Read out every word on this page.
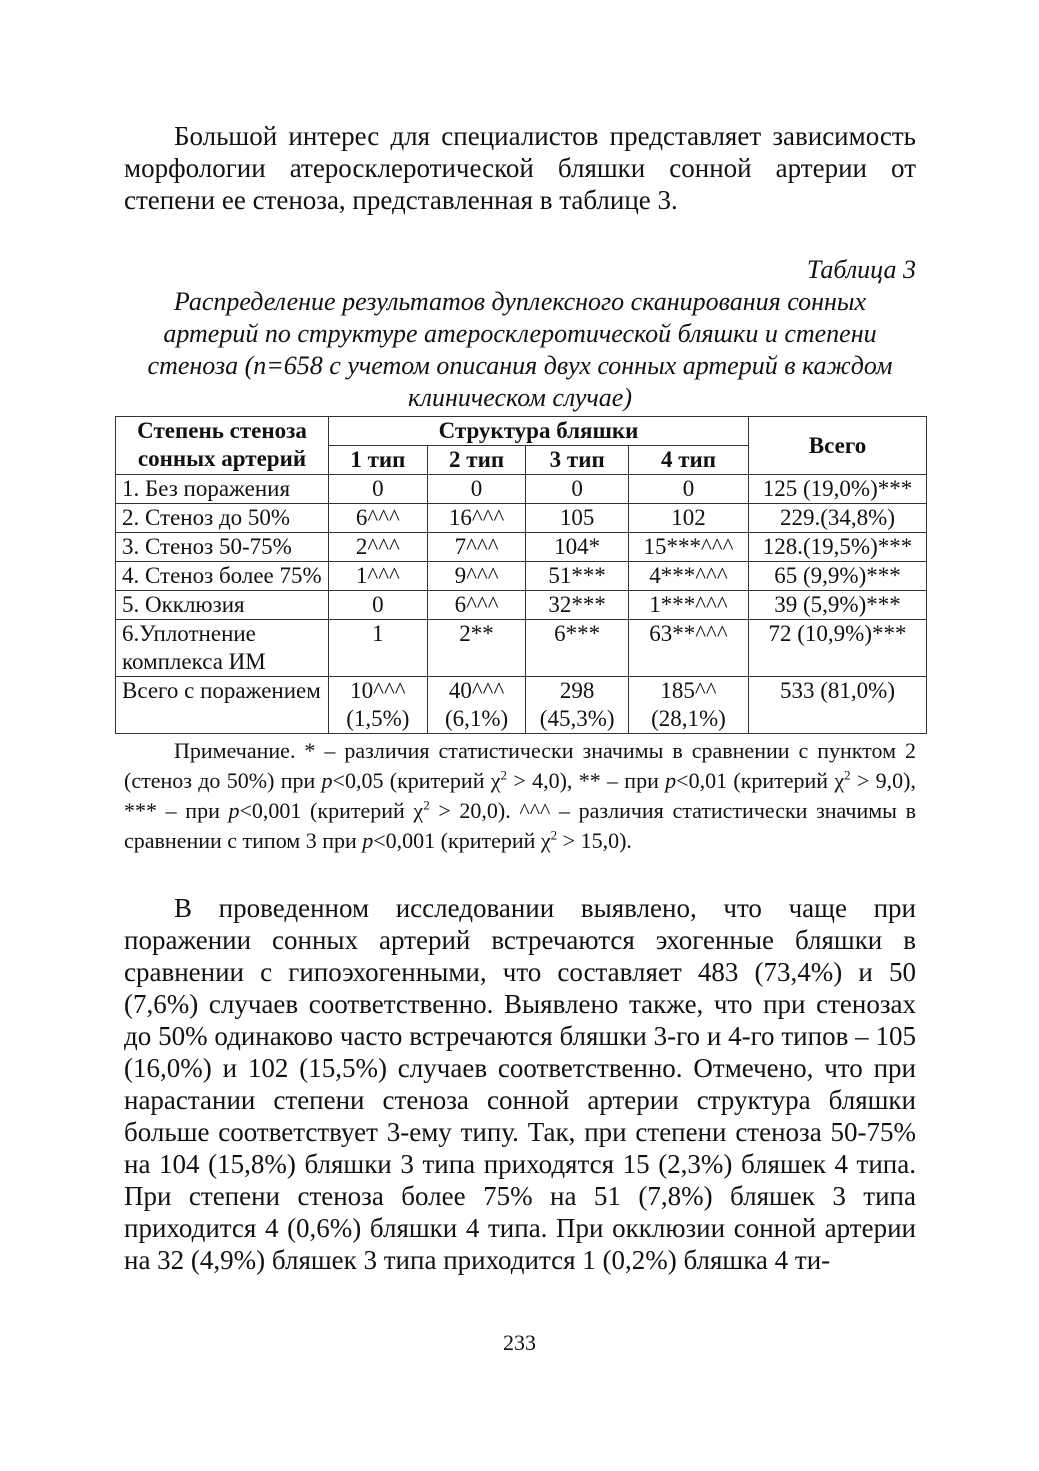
Большой интерес для специалистов представляет зависимость морфологии атеросклеротической бляшки сонной артерии от степени ее стеноза, представленная в таблице 3.

Таблица 3
Распределение результатов дуплексного сканирования сонных артерий по структуре атеросклеротической бляшки и степени стеноза (n=658 с учетом описания двух сонных артерий в каждом клиническом случае)
Степень стеноза сонных артерий	Структура бляшки				Всего
	1 тип	2 тип	3 тип	4 тип	
1. Без поражения	0	0	0	0	125 (19,0%)***
2. Стеноз до 50%	6^^^	16^^^	105	102	229.(34,8%)
3. Стеноз 50-75%	2^^^	7^^^	104*	15***^^^	128.(19,5%)***
4. Стеноз более 75%	1^^^	9^^^	51***	4***^^^	65 (9,9%)***
5. Окклюзия	0	6^^^	32***	1***^^^	39 (5,9%)***
6.Уплотнение комплекса ИМ	1	2**	6***	63**^^^	72 (10,9%)***
Всего с поражением	10^^^ (1,5%)	40^^^ (6,1%)	298 (45,3%)	185^^ (28,1%)	533 (81,0%)
Примечание. * – различия статистически значимы в сравнении с пунктом 2 (стеноз до 50%) при p<0,05 (критерий $\chi^2 > 4,0$), ** – при p<0,01 (критерий $\chi^2 > 9,0$), *** – при p<0,001 (критерий $\chi^2 > 20,0$). ^^^ – различия статистически значимы в сравнении с типом 3 при p<0,001 (критерий $\chi^2 > 15,0$).

В проведенном исследовании выявлено, что чаще при поражении сонных артерий встречаются эхогенные бляшки в сравнении с гипоэхогенными, что составляет 483 (73,4%) и 50 (7,6%) случаев соответственно. Выявлено также, что при стенозах до 50% одинаково часто встречаются бляшки 3-го и 4-го типов – 105 (16,0%) и 102 (15,5%) случаев соответственно. Отмечено, что при нарастании степени стеноза сонной артерии структура бляшки больше соответствует 3-ему типу. Так, при степени стеноза 50-75% на 104 (15,8%) бляшки 3 типа приходятся 15 (2,3%) бляшек 4 типа. При степени стеноза более 75% на 51 (7,8%) бляшек 3 типа приходится 4 (0,6%) бляшки 4 типа. При окклюзии сонной артерии на 32 (4,9%) бляшек 3 типа приходится 1 (0,2%) бляшка 4 ти-

233
